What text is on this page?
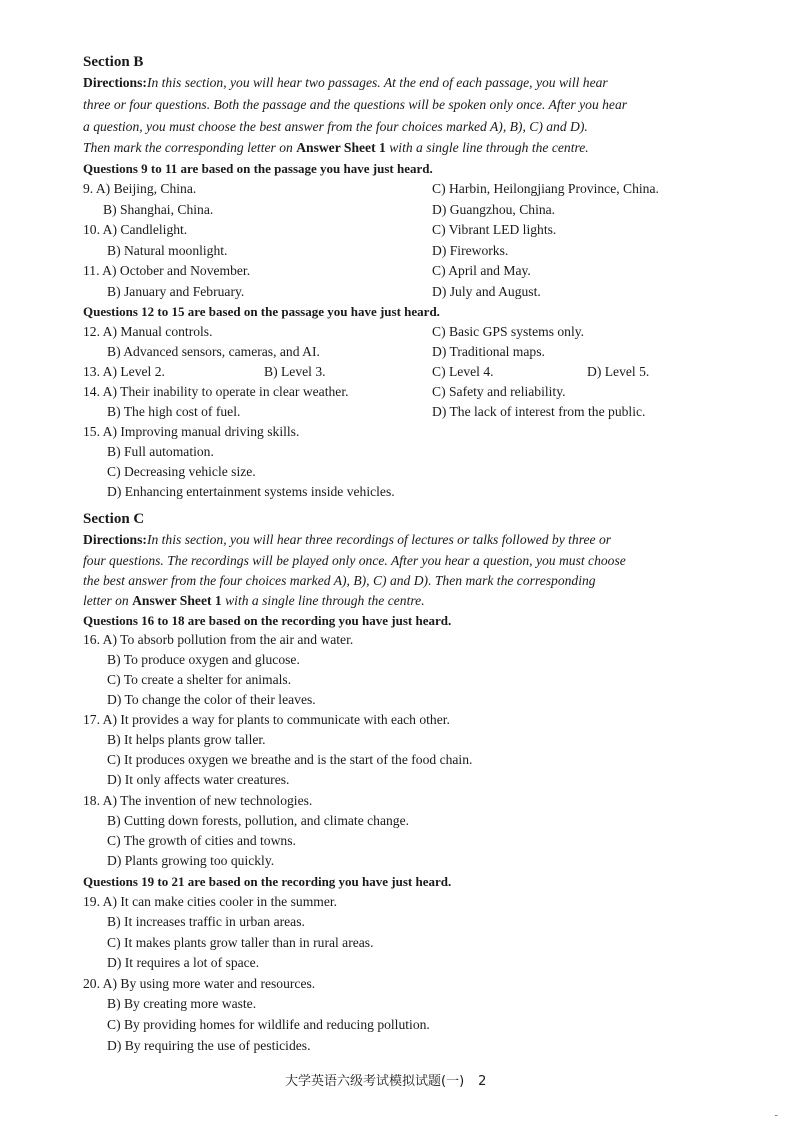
Section B
Directions:In this section, you will hear two passages. At the end of each passage, you will hear
three or four questions. Both the passage and the questions will be spoken only once. After you hear
a question, you must choose the best answer from the four choices marked A), B), C) and D).
Then mark the corresponding letter on Answer Sheet 1 with a single line through the centre.
Questions 9 to 11 are based on the passage you have just heard.
9. A) Beijing, China.	C) Harbin, Heilongjiang Province, China.
B) Shanghai, China.	D) Guangzhou, China.
10. A) Candlelight.	C) Vibrant LED lights.
B) Natural moonlight.	D) Fireworks.
11. A) October and November.	C) April and May.
B) January and February.	D) July and August.
Questions 12 to 15 are based on the passage you have just heard.
12. A) Manual controls.	C) Basic GPS systems only.
B) Advanced sensors, cameras, and AI.	D) Traditional maps.
13. A) Level 2.	B) Level 3.	C) Level 4.	D) Level 5.
14. A) Their inability to operate in clear weather.	C) Safety and reliability.
B) The high cost of fuel.	D) The lack of interest from the public.
15. A) Improving manual driving skills.
B) Full automation.
C) Decreasing vehicle size.
D) Enhancing entertainment systems inside vehicles.
Section C
Directions:In this section, you will hear three recordings of lectures or talks followed by three or
four questions. The recordings will be played only once. After you hear a question, you must choose
the best answer from the four choices marked A), B), C) and D). Then mark the corresponding
letter on Answer Sheet 1 with a single line through the centre.
Questions 16 to 18 are based on the recording you have just heard.
16. A) To absorb pollution from the air and water.
B) To produce oxygen and glucose.
C) To create a shelter for animals.
D) To change the color of their leaves.
17. A) It provides a way for plants to communicate with each other.
B) It helps plants grow taller.
C) It produces oxygen we breathe and is the start of the food chain.
D) It only affects water creatures.
18. A) The invention of new technologies.
B) Cutting down forests, pollution, and climate change.
C) The growth of cities and towns.
D) Plants growing too quickly.
Questions 19 to 21 are based on the recording you have just heard.
19. A) It can make cities cooler in the summer.
B) It increases traffic in urban areas.
C) It makes plants grow taller than in rural areas.
D) It requires a lot of space.
20. A) By using more water and resources.
B) By creating more waste.
C) By providing homes for wildlife and reducing pollution.
D) By requiring the use of pesticides.
大学英语六级考试模拟试题(一) 2
-
